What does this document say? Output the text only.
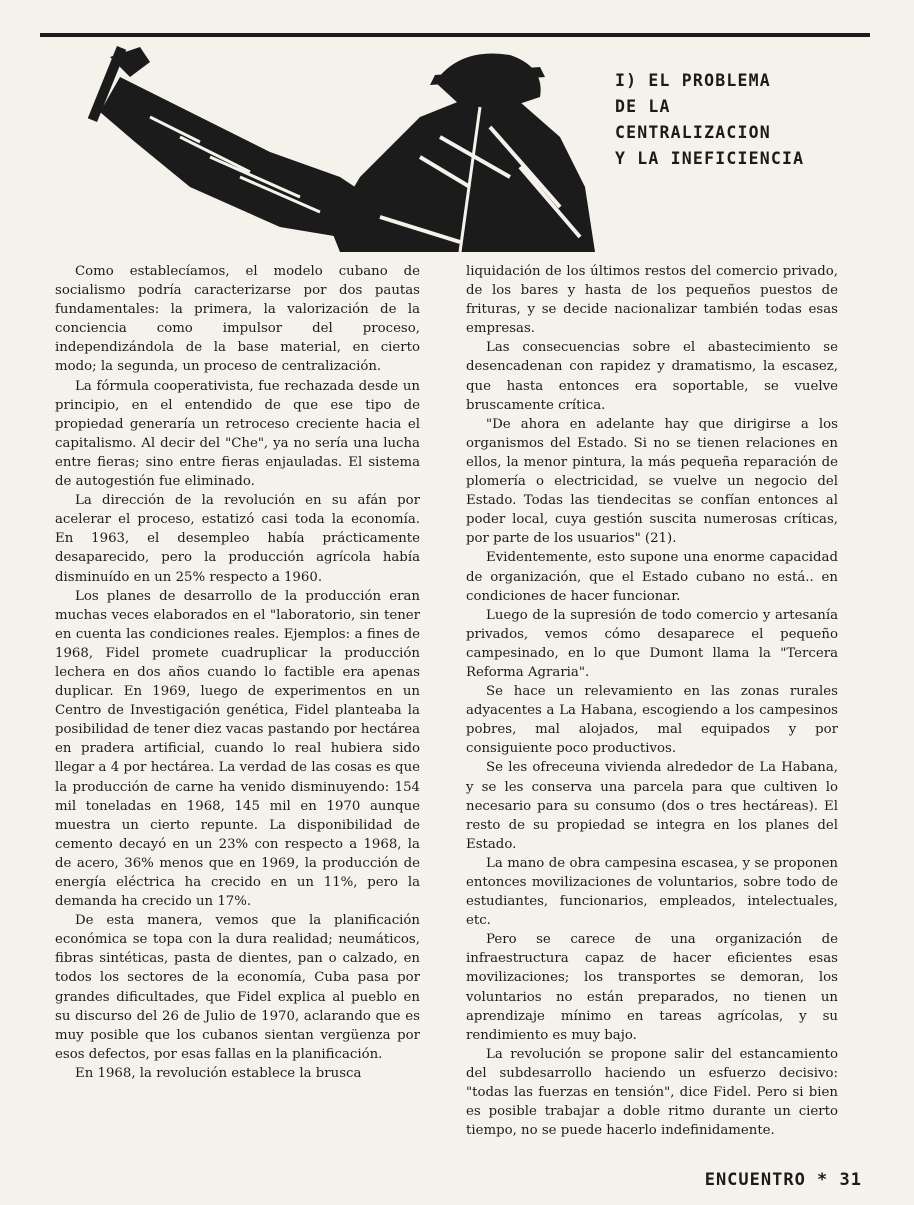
I) EL PROBLEMA
DE LA
CENTRALIZACION
Y LA INEFICIENCIA

Como establecíamos, el modelo cubano de socialismo podría caracterizarse por dos pautas fundamentales: la primera, la valorización de la conciencia como impulsor del proceso, independizándola de la base material, en cierto modo; la segunda, un proceso de centralización.

La fórmula cooperativista, fue rechazada desde un principio, en el entendido de que ese tipo de propiedad generaría un retroceso creciente hacia el capitalismo. Al decir del "Che", ya no sería una lucha entre fieras; sino entre fieras enjauladas. El sistema de autogestión fue eliminado.

La dirección de la revolución en su afán por acelerar el proceso, estatizó casi toda la economía. En 1963, el desempleo había prácticamente desaparecido, pero la producción agrícola había disminuído en un 25% respecto a 1960.

Los planes de desarrollo de la producción eran muchas veces elaborados en el "laboratorio, sin tener en cuenta las condiciones reales. Ejemplos: a fines de 1968, Fidel promete cuadruplicar la producción lechera en dos años cuando lo factible era apenas duplicar. En 1969, luego de experimentos en un Centro de Investigación genética, Fidel planteaba la posibilidad de tener diez vacas pastando por hectárea en pradera artificial, cuando lo real hubiera sido llegar a 4 por hectárea. La verdad de las cosas es que la producción de carne ha venido disminuyendo: 154 mil toneladas en 1968, 145 mil en 1970 aunque muestra un cierto repunte. La disponibilidad de cemento decayó en un 23% con respecto a 1968, la de acero, 36% menos que en 1969, la producción de energía eléctrica ha crecido en un 11%, pero la demanda ha crecido un 17%.

De esta manera, vemos que la planificación económica se topa con la dura realidad; neumáticos, fibras sintéticas, pasta de dientes, pan o calzado, en todos los sectores de la economía, Cuba pasa por grandes dificultades, que Fidel explica al pueblo en su discurso del 26 de Julio de 1970, aclarando que es muy posible que los cubanos sientan vergüenza por esos defectos, por esas fallas en la planificación.

En 1968, la revolución establece la brusca

liquidación de los últimos restos del comercio privado, de los bares y hasta de los pequeños puestos de frituras, y se decide nacionalizar también todas esas empresas.

Las consecuencias sobre el abastecimiento se desencadenan con rapidez y dramatismo, la escasez, que hasta entonces era soportable, se vuelve bruscamente crítica.

"De ahora en adelante hay que dirigirse a los organismos del Estado. Si no se tienen relaciones en ellos, la menor pintura, la más pequeña reparación de plomería o electricidad, se vuelve un negocio del Estado. Todas las tiendecitas se confían entonces al poder local, cuya gestión suscita numerosas críticas, por parte de los usuarios" (21).

Evidentemente, esto supone una enorme capacidad de organización, que el Estado cubano no está.. en condiciones de hacer funcionar.

Luego de la supresión de todo comercio y artesanía privados, vemos cómo desaparece el pequeño campesinado, en lo que Dumont llama la "Tercera Reforma Agraria".

Se hace un relevamiento en las zonas rurales adyacentes a La Habana, escogiendo a los campesinos pobres, mal alojados, mal equipados y por consiguiente poco productivos.

Se les ofreceuna vivienda alrededor de La Habana, y se les conserva una parcela para que cultiven lo necesario para su consumo (dos o tres hectáreas). El resto de su propiedad se integra en los planes del Estado.

La mano de obra campesina escasea, y se proponen entonces movilizaciones de voluntarios, sobre todo de estudiantes, funcionarios, empleados, intelectuales, etc.

Pero se carece de una organización de infraestructura capaz de hacer eficientes esas movilizaciones; los transportes se demoran, los voluntarios no están preparados, no tienen un aprendizaje mínimo en tareas agrícolas, y su rendimiento es muy bajo.

La revolución se propone salir del estancamiento del subdesarrollo haciendo un esfuerzo decisivo: "todas las fuerzas en tensión", dice Fidel. Pero si bien es posible trabajar a doble ritmo durante un cierto tiempo, no se puede hacerlo indefinidamente.

ENCUENTRO * 31
